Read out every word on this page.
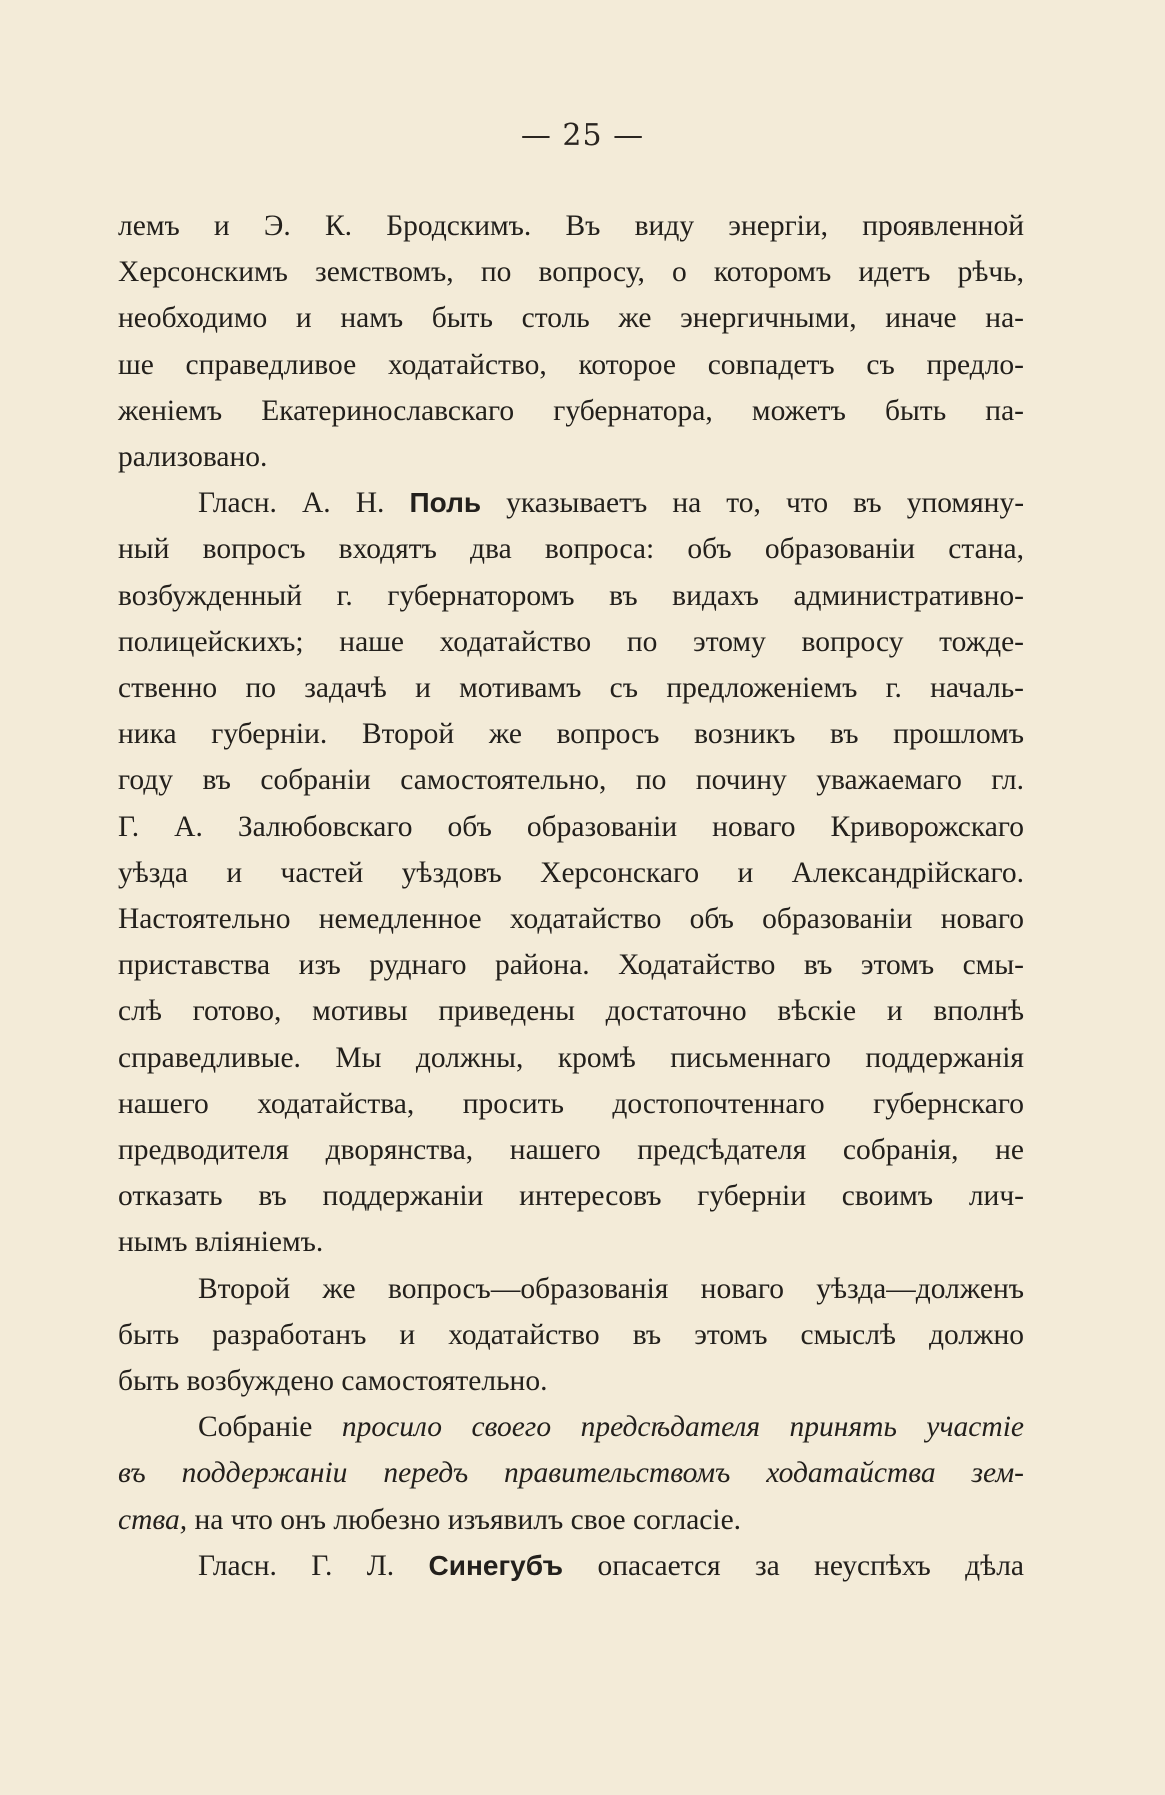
— 25 —
лемъ и Э. К. Бродскимъ. Въ виду энергіи, проявленной
Херсонскимъ земствомъ, по вопросу, о которомъ идетъ рѣчь,
необходимо и намъ быть столь же энергичными, иначе на-
ше справедливое ходатайство, которое совпадетъ съ предло-
женіемъ Екатеринославскаго губернатора, можетъ быть па-
рализовано.
Гласн. А. Н. Поль указываетъ на то, что въ упомяну-
ный вопросъ входятъ два вопроса: объ образованіи стана,
возбужденный г. губернаторомъ въ видахъ административно-
полицейскихъ; наше ходатайство по этому вопросу тожде-
ственно по задачѣ и мотивамъ съ предложеніемъ г. началь-
ника губерніи. Второй же вопросъ возникъ въ прошломъ
году въ собраніи самостоятельно, по почину уважаемаго гл.
Г. А. Залюбовскаго объ образованіи новаго Криворожскаго
уѣзда и частей уѣздовъ Херсонскаго и Александрійскаго.
Настоятельно немедленное ходатайство объ образованіи новаго
приставства изъ руднаго района. Ходатайство въ этомъ смы-
слѣ готово, мотивы приведены достаточно вѣскіе и вполнѣ
справедливые. Мы должны, кромѣ письменнаго поддержанія
нашего ходатайства, просить достопочтеннаго губернскаго
предводителя дворянства, нашего предсѣдателя собранія, не
отказать въ поддержаніи интересовъ губерніи своимъ лич-
нымъ вліяніемъ.
Второй же вопросъ—образованія новаго уѣзда—долженъ
быть разработанъ и ходатайство въ этомъ смыслѣ должно
быть возбуждено самостоятельно.
Собраніе просило своего предсѣдателя принять участіе
въ поддержаніи передъ правительствомъ ходатайства зем-
ства, на что онъ любезно изъявилъ свое согласіе.
Гласн. Г. Л. Синегубъ опасается за неуспѣхъ дѣла
